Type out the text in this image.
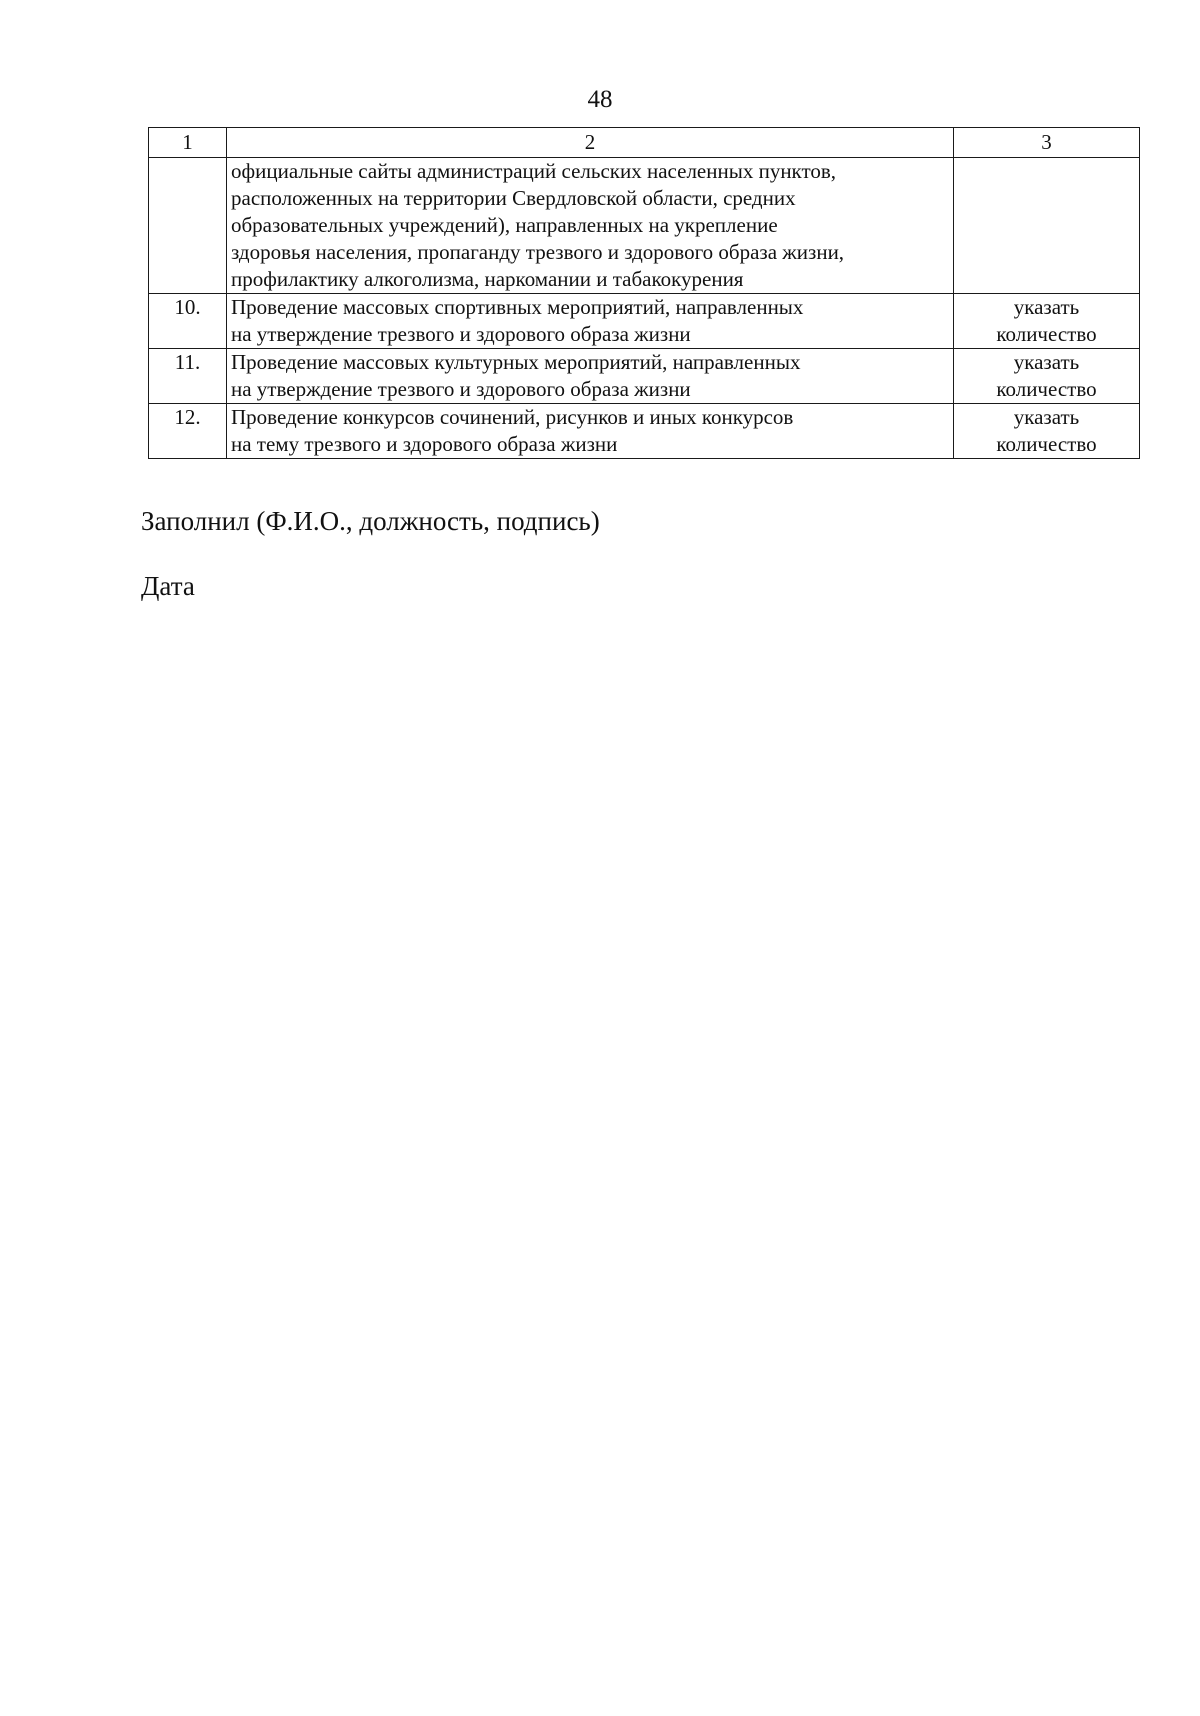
48
1	2	3

	официальные сайты администраций сельских населенных пунктов,
расположенных на территории Свердловской области, средних
образовательных учреждений), направленных на укрепление
здоровья населения, пропаганду трезвого и здорового образа жизни,
профилактику алкоголизма, наркомании и табакокурения	

10.	Проведение массовых спортивных мероприятий, направленных
на утверждение трезвого и здорового образа жизни	указать
количество

11.	Проведение массовых культурных мероприятий, направленных
на утверждение трезвого и здорового образа жизни	указать
количество

12.	Проведение конкурсов сочинений, рисунков и иных конкурсов
на тему трезвого и здорового образа жизни	указать
количество
Заполнил (Ф.И.О., должность, подпись)
Дата
